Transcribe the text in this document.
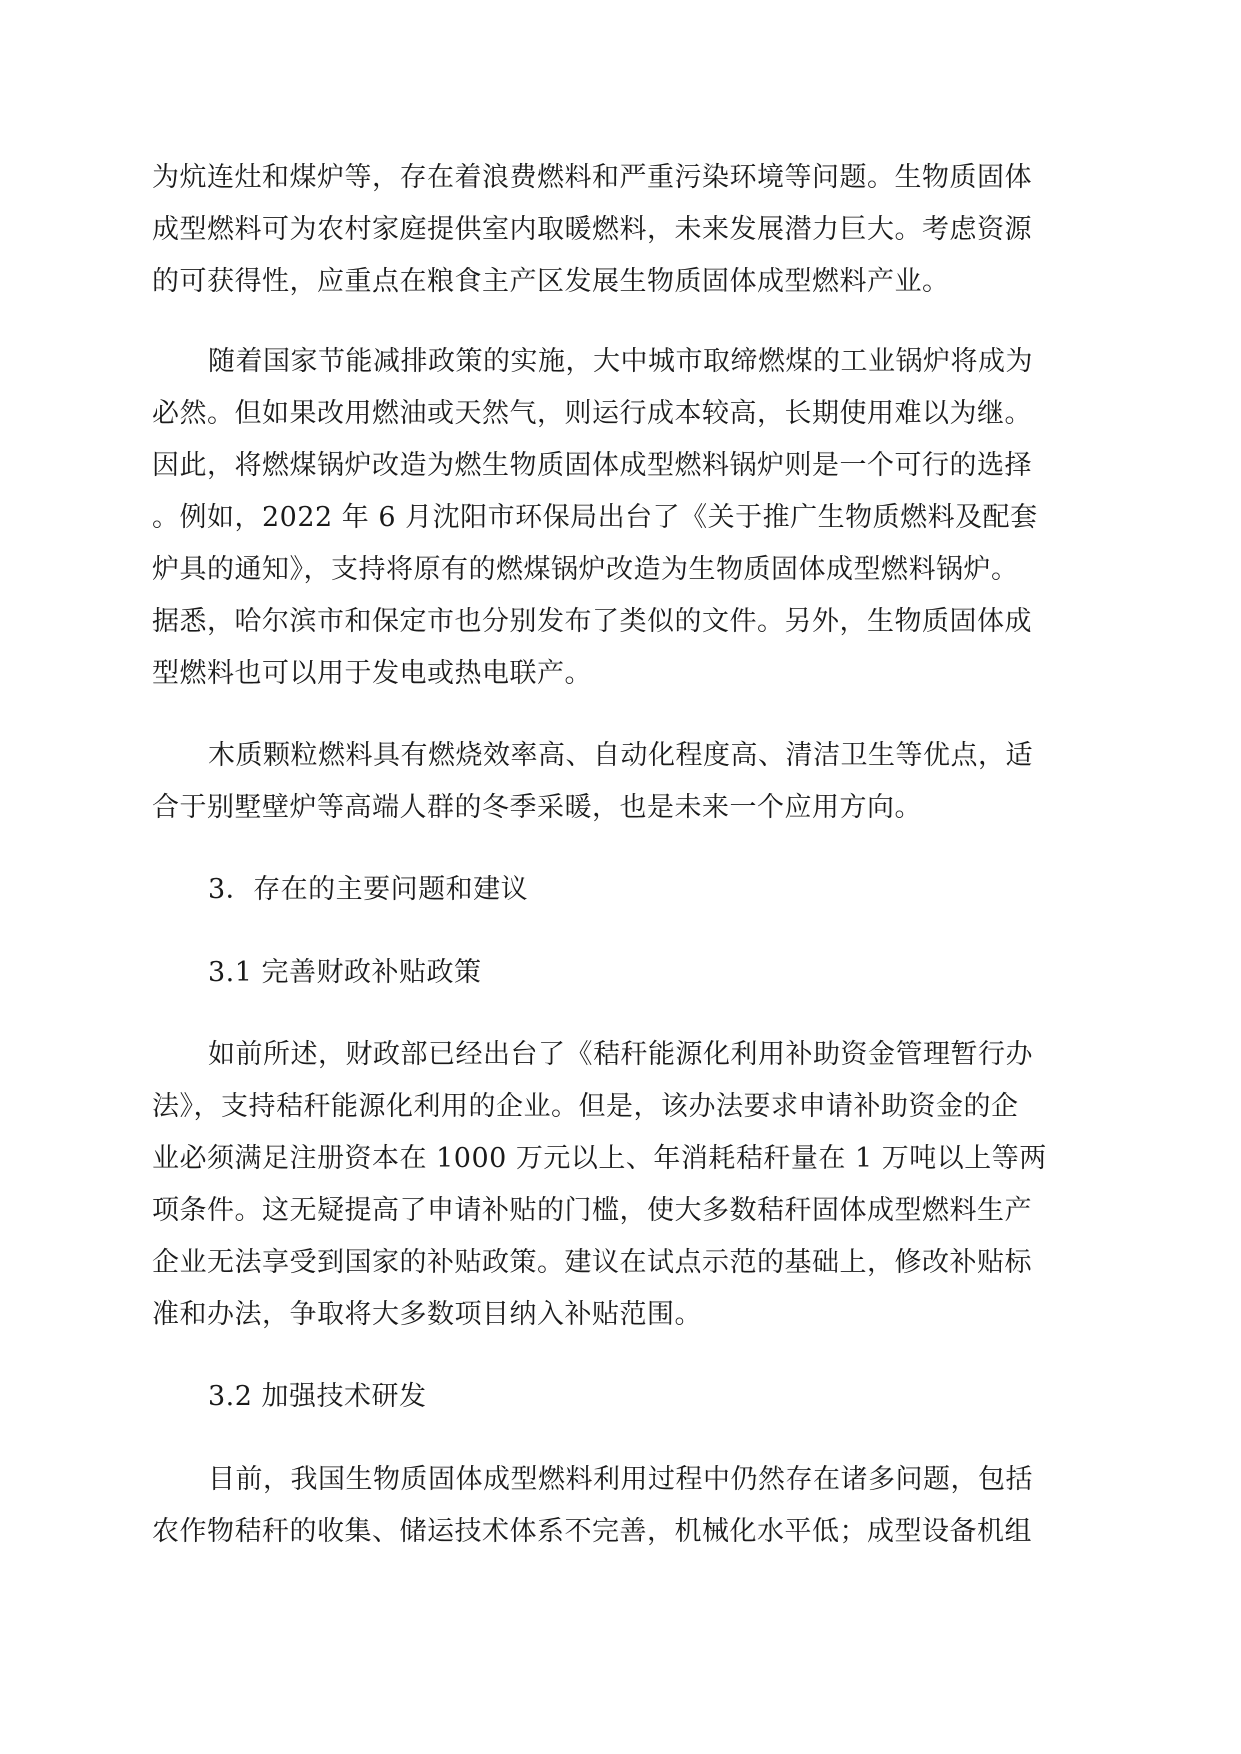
为炕连灶和煤炉等，存在着浪费燃料和严重污染环境等问题。生物质固体
成型燃料可为农村家庭提供室内取暖燃料，未来发展潜力巨大。考虑资源
的可获得性，应重点在粮食主产区发展生物质固体成型燃料产业。
随着国家节能减排政策的实施，大中城市取缔燃煤的工业锅炉将成为
必然。但如果改用燃油或天然气，则运行成本较高，长期使用难以为继。
因此，将燃煤锅炉改造为燃生物质固体成型燃料锅炉则是一个可行的选择
。例如，2022 年 6 月沈阳市环保局出台了《关于推广生物质燃料及配套
炉具的通知》，支持将原有的燃煤锅炉改造为生物质固体成型燃料锅炉。
据悉，哈尔滨市和保定市也分别发布了类似的文件。另外，生物质固体成
型燃料也可以用于发电或热电联产。
木质颗粒燃料具有燃烧效率高、自动化程度高、清洁卫生等优点，适
合于别墅壁炉等高端人群的冬季采暖，也是未来一个应用方向。
3．存在的主要问题和建议
3.1 完善财政补贴政策
如前所述，财政部已经出台了《秸秆能源化利用补助资金管理暂行办
法》，支持秸秆能源化利用的企业。但是，该办法要求申请补助资金的企
业必须满足注册资本在 1000 万元以上、年消耗秸秆量在 1 万吨以上等两
项条件。这无疑提高了申请补贴的门槛，使大多数秸秆固体成型燃料生产
企业无法享受到国家的补贴政策。建议在试点示范的基础上，修改补贴标
准和办法，争取将大多数项目纳入补贴范围。
3.2 加强技术研发
目前，我国生物质固体成型燃料利用过程中仍然存在诸多问题，包括
农作物秸秆的收集、储运技术体系不完善，机械化水平低；成型设备机组
